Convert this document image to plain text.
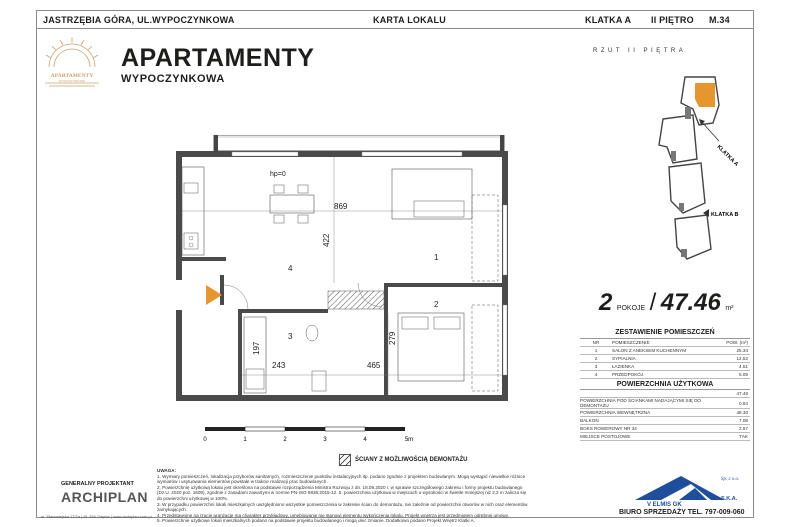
JASTRZĘBIA GÓRA, UL.WYPOCZYNKOWA	KARTA LOKALU	KLATKA A II PIĘTRO M.34
APARTAMENTY
WYPOCZYNKOWA
APARTAMENTY
WYPOCZYNKOWA
hp=0
869
422
279
243	465
197
1
2
3
4
0	1	2	3	4	5m
ŚCIANY Z MOŻLIWOŚCIĄ DEMONTAŻU
UWAGA:
1. Wymiary pomieszczeń, lokalizacja przyborów sanitarnych, rozmieszczenie punktów instalacyjnych itp. podano zgodnie z projektem budowlanym. Mogą wystąpić niewielkie różnice wymiarów i usytuowania elementów powstałe w trakcie realizacji prac budowlanych.
2. Powierzchnię użytkową lokalu jest określona na podstawie rozporządzenia Ministra Rozwoju z dn. 18.09.2020 r. w sprawie szczegółowego zakresu i formy projektu budowlanego (Dz.U. 2020 poz. 1609), zgodnie z zasadami zawartymi w normie PN-ISO 9836:2015-12. 5. powierzchnia użytkowa w miejscach o wysokości w świetle mniejszej niż 2,2 m zalicza się do powierzchni użytkowej w 100%.
3. W przypadku powierzchni lokali mieszkalnych uwzględniono wszystkie pomieszczenia w zakresie ścian do demontażu, nie zależnie od powierzchni otworów w nich oraz elementów zamykających.
4. Przedstawione na rzucie aranżacje ma charakter przykładowy, umeblowanie nie stanowi elementu wykończenia lokalu. Projekt wnętrza jest przedmiotem odrębnej umowy.
5. Powierzchnie użytkowe lokali mieszkalnych podano na podstawie projektu budowlanego i mogą ulec zmianie. Dodatkowo podano Projekt Wnętrz Klatki A.
GENERALNY PROJEKTANT
ARCHIPLAN
ul. Starowiejska 17/7a | 81-356 Gdynia | www.archiplan.com.pl
RZUT II PIĘTRA
KLATKA A
KLATKA B
2 POKOJE / 47.46 m²
ZESTAWIENIE POMIESZCZEŃ
NR	POMIESZCZENIE	POW. (m²)
1	SALON Z ANEKSEM KUCHENNYM	25.34
2	SYPIALNIA	12.52
3	ŁAZIENKA	4.51
4	PRZEDPOKÓJ	5.09
POWIERZCHNIA UŻYTKOWA
47.46
POWIERZCHNIA POD ŚCIANKAMI NADAJĄCYMI SIĘ DO DEMONTAŻU	0.84
POWIERZCHNIA WEWNĘTRZNA	48.30
BALKON	7.08
BOKS ROWEROWY NR 34	2.57
MIEJSCE POSTOJOWE	TAK
V ELMIS GK
Sp. z o.o.
S.K.A.
BIURO SPRZEDAŻY TEL. 797-009-060
